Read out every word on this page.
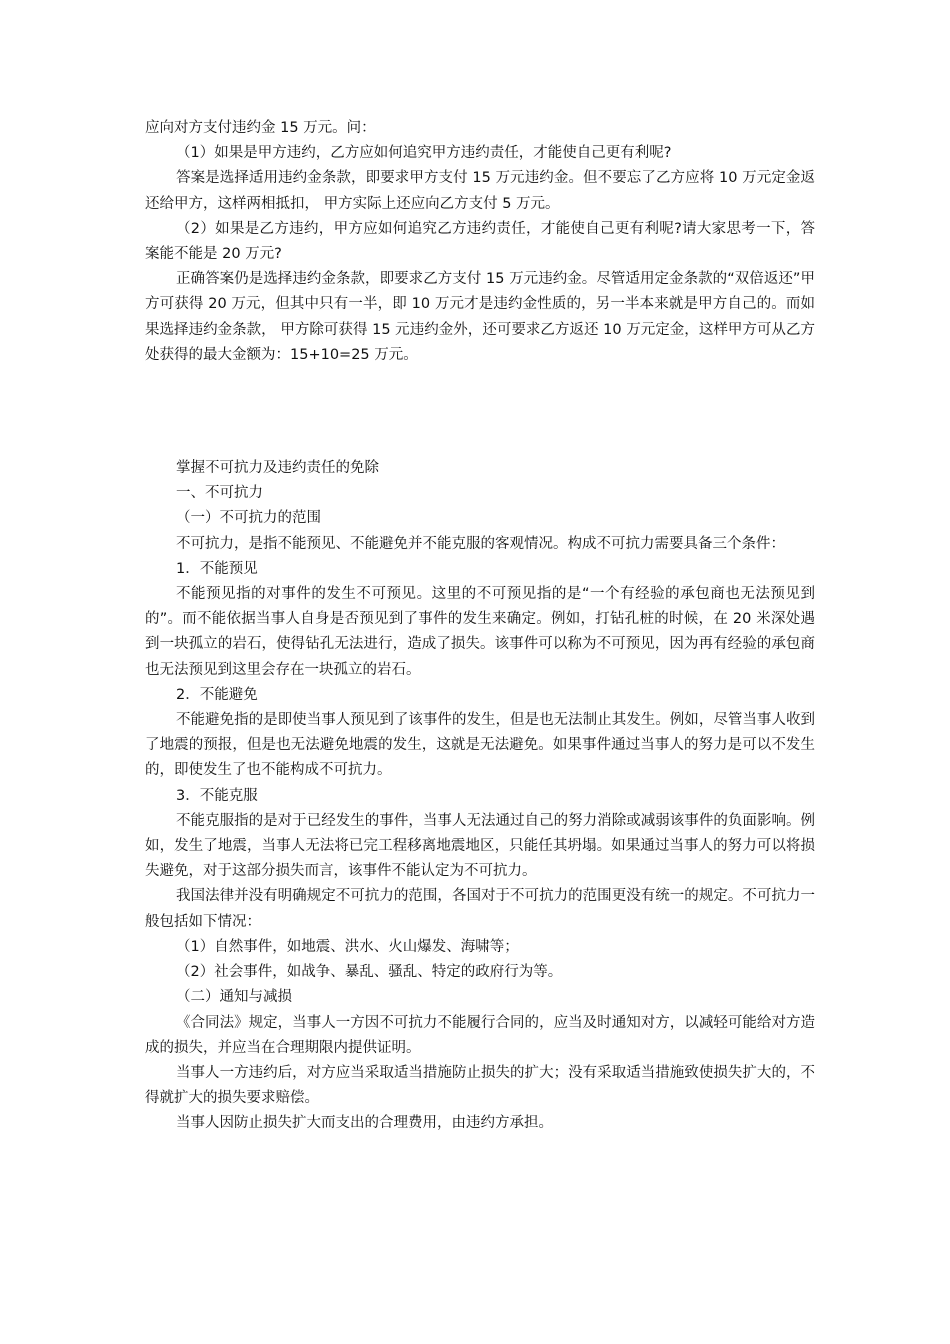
应向对方支付违约金 15 万元。问：

（1）如果是甲方违约，乙方应如何追究甲方违约责任，才能使自己更有利呢?

答案是选择适用违约金条款，即要求甲方支付 15 万元违约金。但不要忘了乙方应将 10 万元定金返还给甲方，这样两相抵扣， 甲方实际上还应向乙方支付 5 万元。

（2）如果是乙方违约，甲方应如何追究乙方违约责任，才能使自己更有利呢?请大家思考一下，答案能不能是 20 万元?

正确答案仍是选择违约金条款，即要求乙方支付 15 万元违约金。尽管适用定金条款的“双倍返还”甲方可获得 20 万元，但其中只有一半，即 10 万元才是违约金性质的，另一半本来就是甲方自己的。而如果选择违约金条款， 甲方除可获得 15 元违约金外，还可要求乙方返还 10 万元定金，这样甲方可从乙方处获得的最大金额为：15+10=25 万元。

掌握不可抗力及违约责任的免除

一、不可抗力

（一）不可抗力的范围

不可抗力，是指不能预见、不能避免并不能克服的客观情况。构成不可抗力需要具备三个条件：

1．不能预见

不能预见指的对事件的发生不可预见。这里的不可预见指的是“一个有经验的承包商也无法预见到的”。而不能依据当事人自身是否预见到了事件的发生来确定。例如，打钻孔桩的时候，在 20 米深处遇到一块孤立的岩石，使得钻孔无法进行，造成了损失。该事件可以称为不可预见，因为再有经验的承包商也无法预见到这里会存在一块孤立的岩石。

2．不能避免

不能避免指的是即使当事人预见到了该事件的发生，但是也无法制止其发生。例如，尽管当事人收到了地震的预报，但是也无法避免地震的发生，这就是无法避免。如果事件通过当事人的努力是可以不发生的，即使发生了也不能构成不可抗力。

3．不能克服

不能克服指的是对于已经发生的事件，当事人无法通过自己的努力消除或减弱该事件的负面影响。例如，发生了地震，当事人无法将已完工程移离地震地区，只能任其坍塌。如果通过当事人的努力可以将损失避免，对于这部分损失而言，该事件不能认定为不可抗力。

我国法律并没有明确规定不可抗力的范围，各国对于不可抗力的范围更没有统一的规定。不可抗力一般包括如下情况：

（1）自然事件，如地震、洪水、火山爆发、海啸等；

（2）社会事件，如战争、暴乱、骚乱、特定的政府行为等。

（二）通知与减损

《合同法》规定，当事人一方因不可抗力不能履行合同的，应当及时通知对方，以减轻可能给对方造成的损失，并应当在合理期限内提供证明。

当事人一方违约后，对方应当采取适当措施防止损失的扩大；没有采取适当措施致使损失扩大的，不得就扩大的损失要求赔偿。

当事人因防止损失扩大而支出的合理费用，由违约方承担。
